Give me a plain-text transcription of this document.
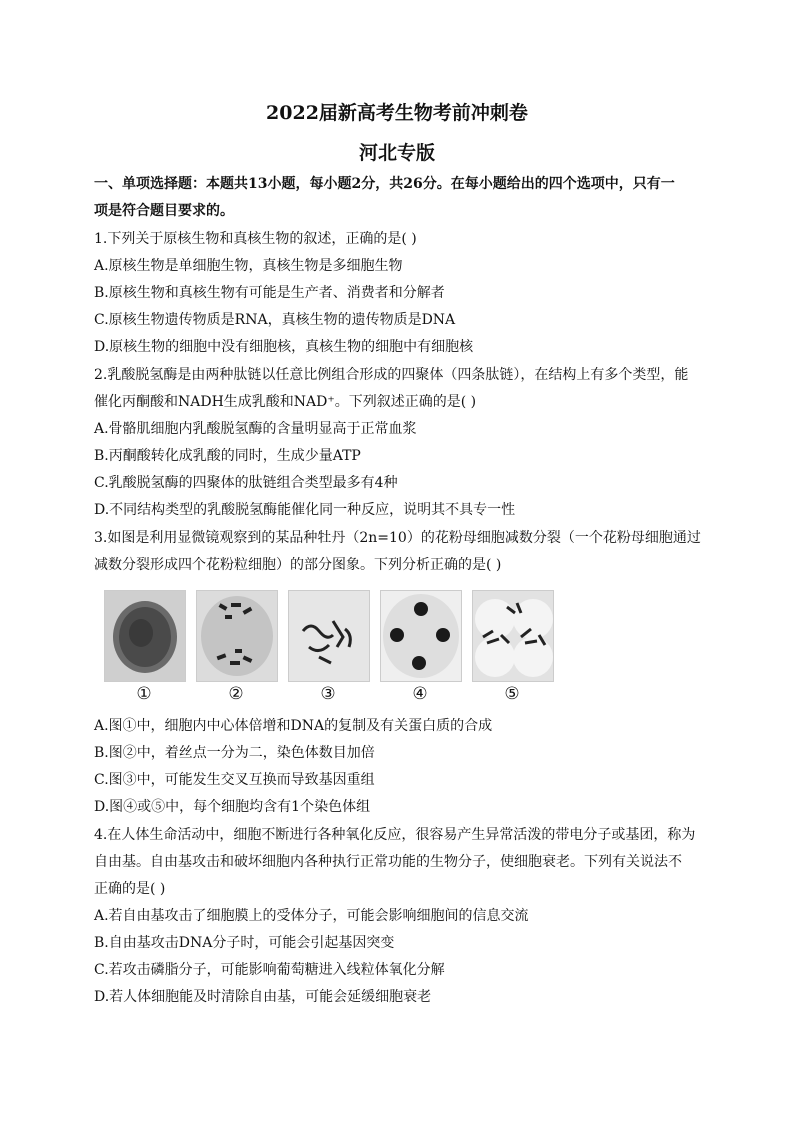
2022届新高考生物考前冲刺卷
河北专版
一、单项选择题：本题共13小题，每小题2分，共26分。在每小题给出的四个选项中，只有一
项是符合题目要求的。
1.下列关于原核生物和真核生物的叙述，正确的是( )
A.原核生物是单细胞生物，真核生物是多细胞生物
B.原核生物和真核生物有可能是生产者、消费者和分解者
C.原核生物遗传物质是RNA，真核生物的遗传物质是DNA
D.原核生物的细胞中没有细胞核，真核生物的细胞中有细胞核
2.乳酸脱氢酶是由两种肽链以任意比例组合形成的四聚体（四条肽链），在结构上有多个类型，能
催化丙酮酸和NADH生成乳酸和NAD⁺。下列叙述正确的是( )
A.骨骼肌细胞内乳酸脱氢酶的含量明显高于正常血浆
B.丙酮酸转化成乳酸的同时，生成少量ATP
C.乳酸脱氢酶的四聚体的肽链组合类型最多有4种
D.不同结构类型的乳酸脱氢酶能催化同一种反应，说明其不具专一性
3.如图是利用显微镜观察到的某品种牡丹（2n=10）的花粉母细胞减数分裂（一个花粉母细胞通过
减数分裂形成四个花粉粒细胞）的部分图象。下列分析正确的是( )
①	②	③	④	⑤
A.图①中，细胞内中心体倍增和DNA的复制及有关蛋白质的合成
B.图②中，着丝点一分为二，染色体数目加倍
C.图③中，可能发生交叉互换而导致基因重组
D.图④或⑤中，每个细胞均含有1个染色体组
4.在人体生命活动中，细胞不断进行各种氧化反应，很容易产生异常活泼的带电分子或基团，称为
自由基。自由基攻击和破坏细胞内各种执行正常功能的生物分子，使细胞衰老。下列有关说法不
正确的是( )
A.若自由基攻击了细胞膜上的受体分子，可能会影响细胞间的信息交流
B.自由基攻击DNA分子时，可能会引起基因突变
C.若攻击磷脂分子，可能影响葡萄糖进入线粒体氧化分解
D.若人体细胞能及时清除自由基，可能会延缓细胞衰老
